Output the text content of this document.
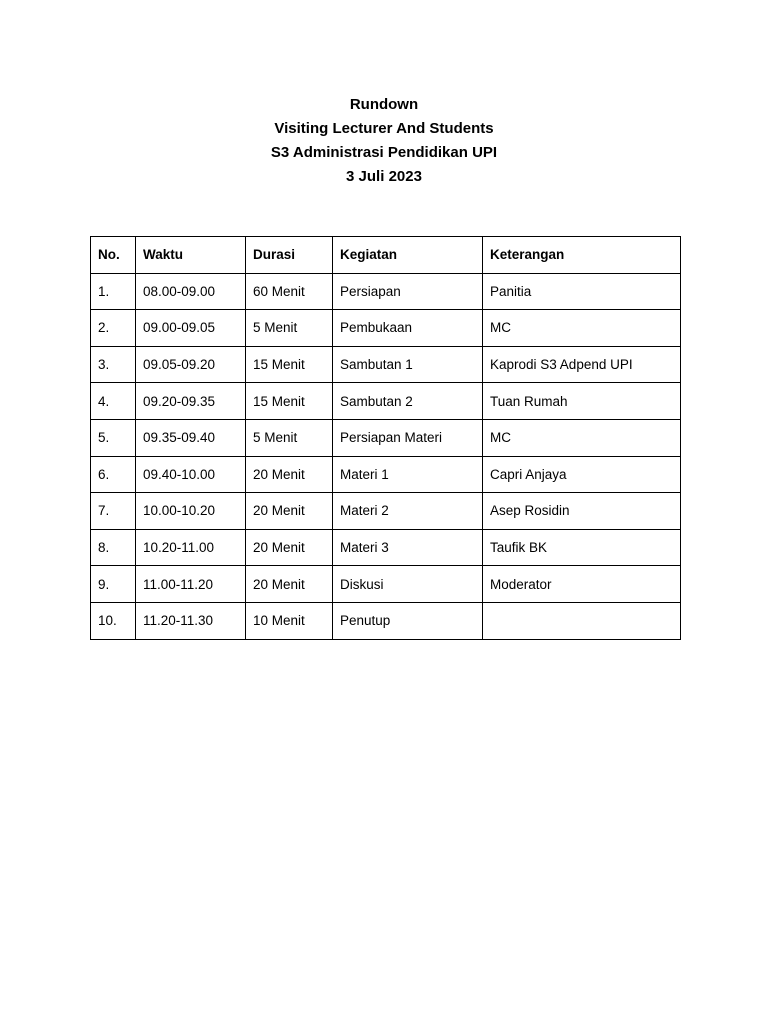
Rundown
Visiting Lecturer And Students
S3 Administrasi Pendidikan UPI
3 Juli 2023
No.	Waktu	Durasi	Kegiatan	Keterangan
1.	08.00-09.00	60 Menit	Persiapan	Panitia
2.	09.00-09.05	5 Menit	Pembukaan	MC
3.	09.05-09.20	15 Menit	Sambutan 1	Kaprodi S3 Adpend UPI
4.	09.20-09.35	15 Menit	Sambutan 2	Tuan Rumah
5.	09.35-09.40	5 Menit	Persiapan Materi	MC
6.	09.40-10.00	20 Menit	Materi 1	Capri Anjaya
7.	10.00-10.20	20 Menit	Materi 2	Asep Rosidin
8.	10.20-11.00	20 Menit	Materi 3	Taufik BK
9.	11.00-11.20	20 Menit	Diskusi	Moderator
10.	11.20-11.30	10 Menit	Penutup	
